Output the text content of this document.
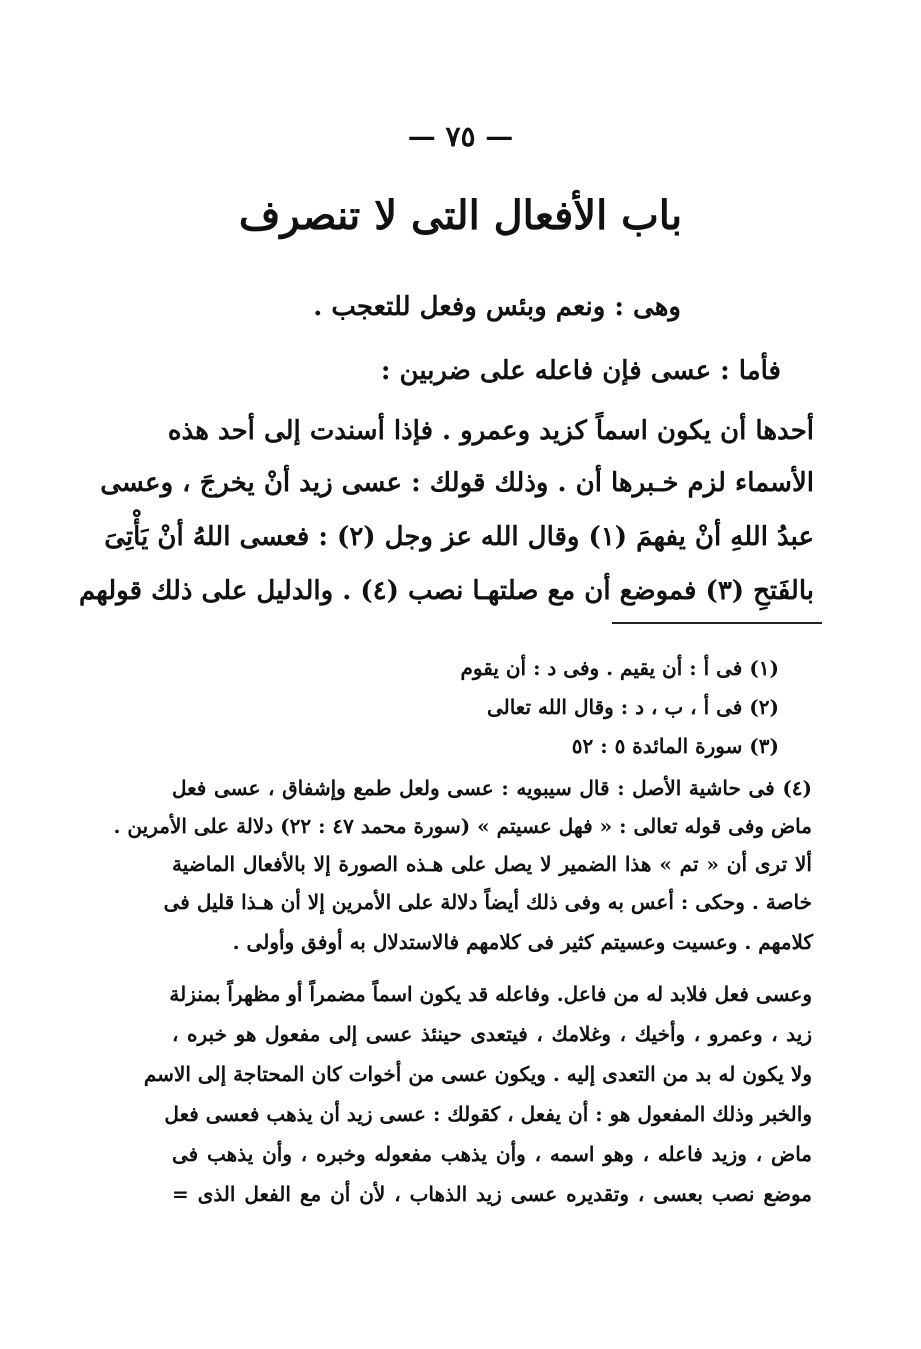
— ٧٥ —
باب الأفعال التى لا تنصرف
وهى : ونعم وبئس وفعل للتعجب .
فأما : عسى فإن فاعله على ضربين :
أحدها أن يكون اسماً كزيد وعمرو . فإذا أسندت إلى أحد هذه
الأسماء لزم خـبرها أن . وذلك قولك : عسى زيد أنْ يخرجَ ، وعسى
عبدُ اللهِ أنْ يفهمَ (١) وقال الله عز وجل (٢) : فعسى اللهُ أنْ يَأْتِىَ
بالفَتحِ (٣) فموضع أن مع صلتهـا نصب (٤) . والدليل على ذلك قولهم
(١) فى أ : أن يقيم . وفى د : أن يقوم
(٢) فى أ ، ب ، د : وقال الله تعالى
(٣) سورة المائدة ٥ : ٥٢
(٤) فى حاشية الأصل : قال سيبويه : عسى ولعل طمع وإشفاق ، عسى فعل
ماض وفى قوله تعالى : « فهل عسيتم » (سورة محمد ٤٧ : ٢٢) دلالة على الأمرين .
ألا ترى أن « تم » هذا الضمير لا يصل على هـذه الصورة إلا بالأفعال الماضية
خاصة . وحكى : أعس به وفى ذلك أيضاً دلالة على الأمرين إلا أن هـذا قليل فى
كلامهم . وعسيت وعسيتم كثير فى كلامهم فالاستدلال به أوفق وأولى .
وعسى فعل فلابد له من فاعل. وفاعله قد يكون اسماً مضمراً أو مظهراً بمنزلة
زيد ، وعمرو ، وأخيك ، وغلامك ، فيتعدى حينئذ عسى إلى مفعول هو خبره ،
ولا يكون له بد من التعدى إليه . ويكون عسى من أخوات كان المحتاجة إلى الاسم
والخبر وذلك المفعول هو : أن يفعل ، كقولك : عسى زيد أن يذهب فعسى فعل
ماض ، وزيد فاعله ، وهو اسمه ، وأن يذهب مفعوله وخبره ، وأن يذهب فى
موضع نصب بعسى ، وتقديره عسى زيد الذهاب ، لأن أن مع الفعل الذى =
